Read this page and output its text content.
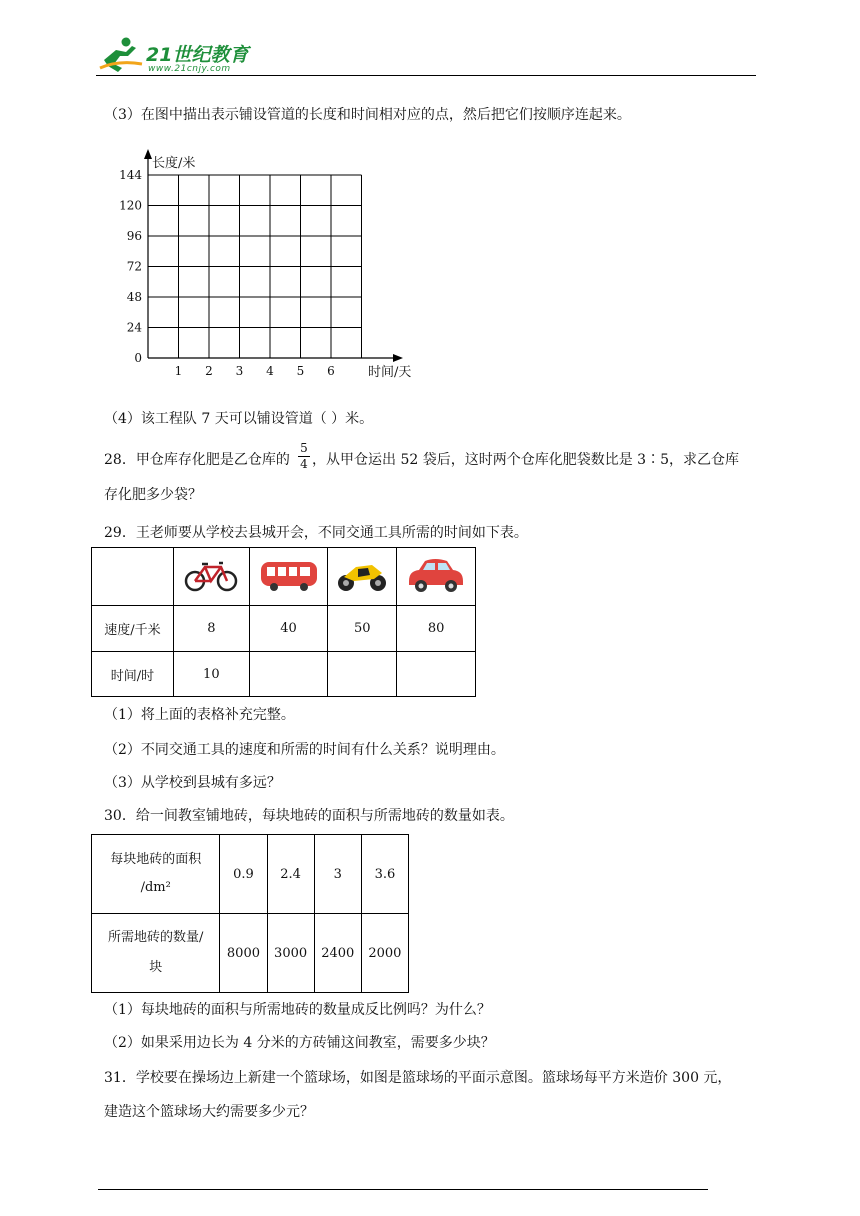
21世纪教育
www.21cnjy.com
（3）在图中描出表示铺设管道的长度和时间相对应的点，然后把它们按顺序连起来。
0
24
48
72
96
120
144
1 2 3 4 5 6
长度/米
时间/天
（4）该工程队 7 天可以铺设管道（ ）米。
28．甲仓库存化肥是乙仓库的
5
4 ，从甲仓运出 52 袋后，这时两个仓库化肥袋数比是 3∶5，求乙仓库
存化肥多少袋？
29．王老师要从学校去县城开会，不同交通工具所需的时间如下表。

速度/千米	8	40	50	80
时间/时	10			
（1）将上面的表格补充完整。
（2）不同交通工具的速度和所需的时间有什么关系？说明理由。
（3）从学校到县城有多远？
30．给一间教室铺地砖，每块地砖的面积与所需地砖的数量如表。
每块地砖的面积
/dm²	0.9	2.4	3	3.6

所需地砖的数量/
块	8000	3000	2400	2000
（1）每块地砖的面积与所需地砖的数量成反比例吗？为什么？
（2）如果采用边长为 4 分米的方砖铺这间教室，需要多少块？
31．学校要在操场边上新建一个篮球场，如图是篮球场的平面示意图。篮球场每平方米造价 300 元，
建造这个篮球场大约需要多少元？
